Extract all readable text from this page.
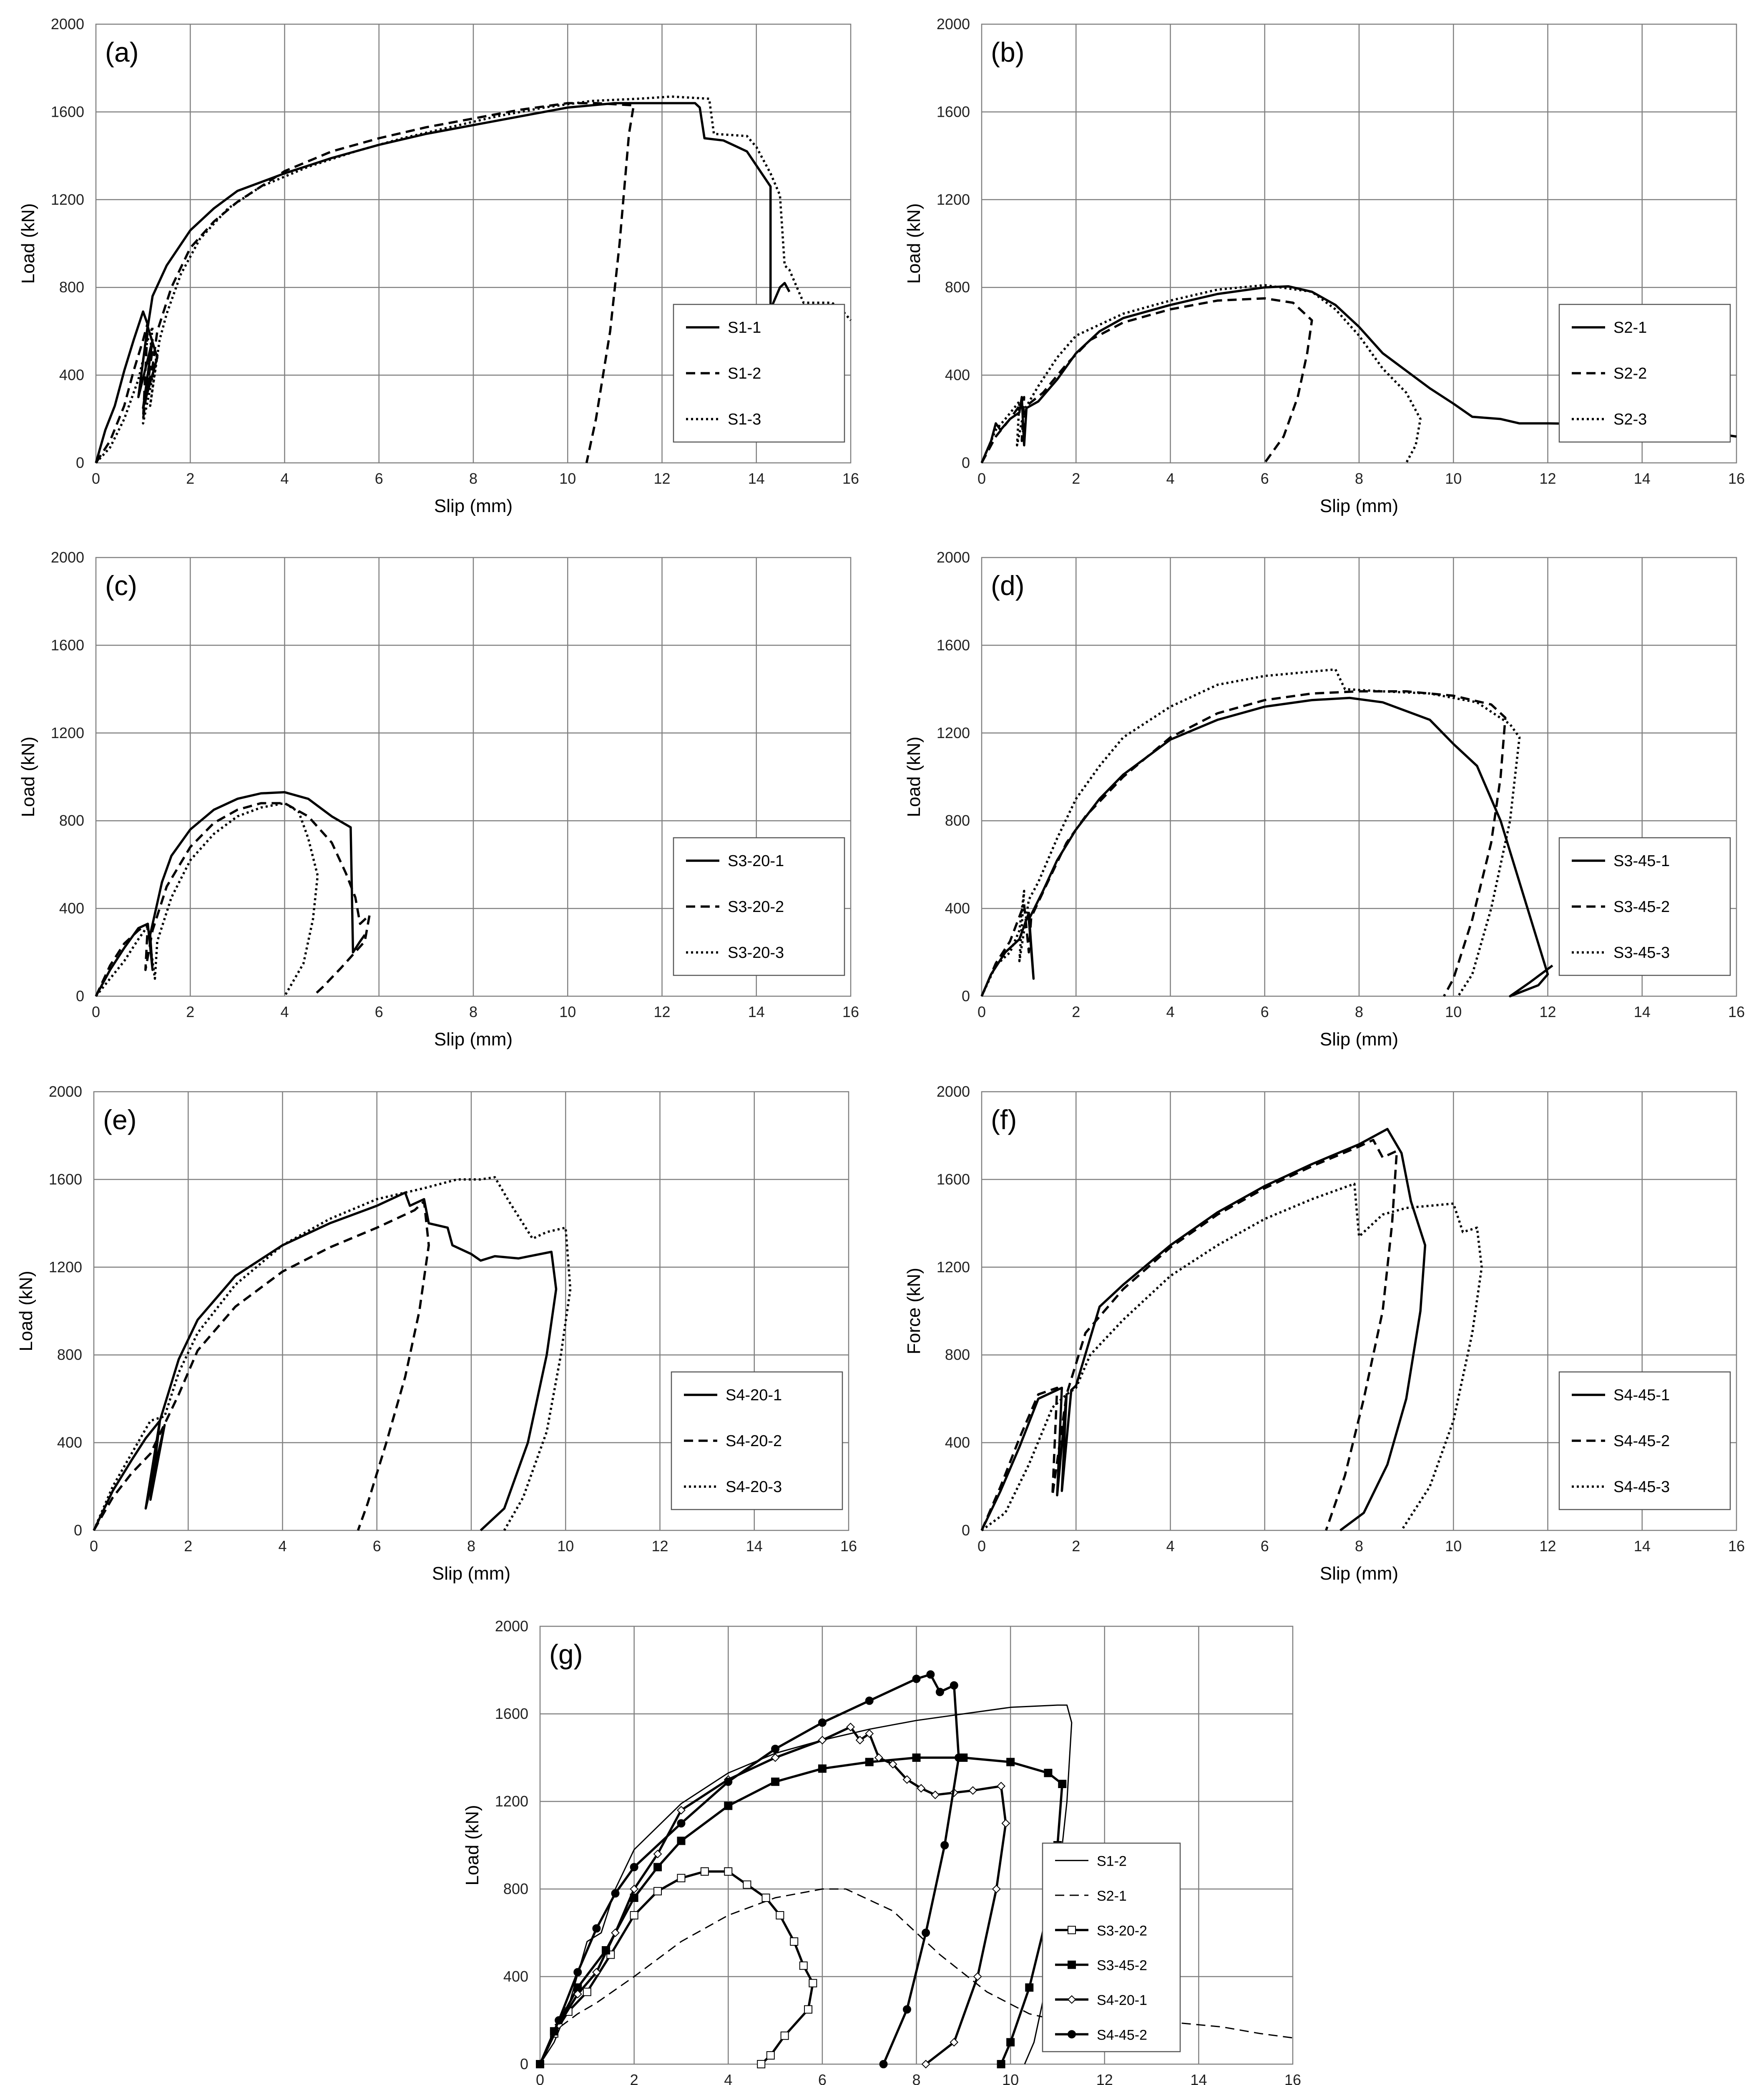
0	2	4	6	8	10	12	14	16
0
400
800
1200
1600
2000
Slip (mm)
Load (kN)
(a)
S1-1
S1-2
S1-3
0	2	4	6	8	10	12	14	16
0
400
800
1200
1600
2000
Slip (mm)
Load (kN)
(b)
S2-1
S2-2
S2-3
0	2	4	6	8	10	12	14	16
0
400
800
1200
1600
2000
Slip (mm)
Load (kN)
(c)
S3-20-1
S3-20-2
S3-20-3
0	2	4	6	8	10	12	14	16
0
400
800
1200
1600
2000
Slip (mm)
Load (kN)
(d)
S3-45-1
S3-45-2
S3-45-3
0	2	4	6	8	10	12	14	16
0
400
800
1200
1600
2000
Slip (mm)
Load (kN)
(e)
S4-20-1
S4-20-2
S4-20-3
0	2	4	6	8	10	12	14	16
0
400
800
1200
1600
2000
Slip (mm)
Force (kN)
(f)
S4-45-1
S4-45-2
S4-45-3
0	2	4	6	8	10	12	14	16
0
400
800
1200
1600
2000
Load (kN)
(g)
S1-2
S2-1
S3-20-2
S3-45-2
S4-20-1
S4-45-2
